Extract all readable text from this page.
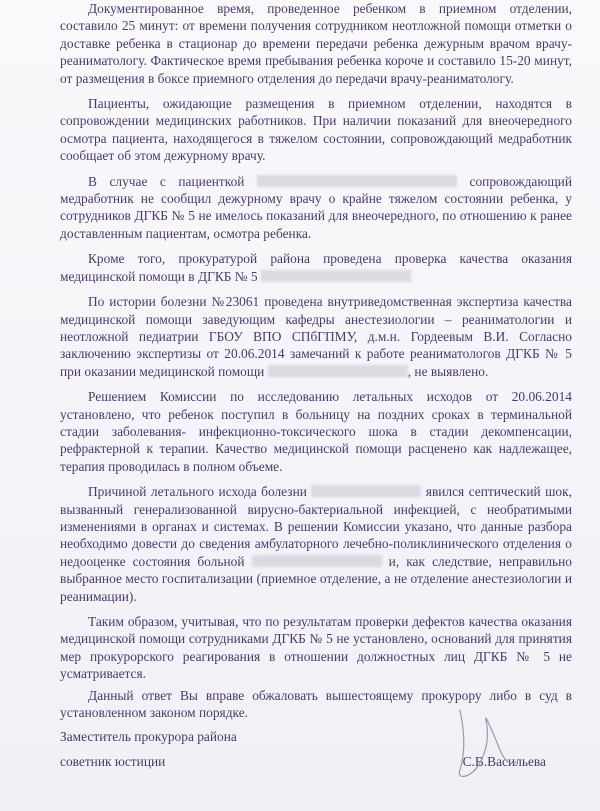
Документированное время, проведенное ребенком в приемном отделении, составило 25 минут: от времени получения сотрудником неотложной помощи отметки о доставке ребенка в стационар до времени передачи ребенка дежурным врачом врачу-реаниматологу. Фактическое время пребывания ребенка короче и составило 15-20 минут, от размещения в боксе приемного отделения до передачи врачу-реаниматологу.

Пациенты, ожидающие размещения в приемном отделении, находятся в сопровождении медицинских работников. При наличии показаний для внеочередного осмотра пациента, находящегося в тяжелом состоянии, сопровождающий медработник сообщает об этом дежурному врачу.

В случае с пациенткой	сопровождающий медработник не сообщил дежурному врачу о крайне тяжелом состоянии ребенка, у сотрудников ДГКБ № 5 не имелось показаний для внеочередного, по отношению к ранее доставленным пациентам, осмотра ребенка.

Кроме того, прокуратурой района проведена проверка качества оказания медицинской помощи в ДГКБ № 5

По истории болезни №23061 проведена внутриведомственная экспертиза качества медицинской помощи заведующим кафедры анестезиологии – реаниматологии и неотложной педиатрии ГБОУ ВПО СПбГПМУ, д.м.н. Гордеевым В.И. Согласно заключению экспертизы от 20.06.2014 замечаний к работе реаниматологов ДГКБ № 5 при оказании медицинской помощи	, не выявлено.

Решением Комиссии по исследованию летальных исходов от 20.06.2014 установлено, что ребенок поступил в больницу на поздних сроках в терминальной стадии заболевания- инфекционно-токсического шока в стадии декомпенсации, рефрактерной к терапии. Качество медицинской помощи расценено как надлежащее, терапия проводилась в полном объеме.

Причиной летального исхода болезни	явился септический шок, вызванный генерализованной вирусно-бактериальной инфекцией, с необратимыми изменениями в органах и системах. В решении Комиссии указано, что данные разбора необходимо довести до сведения амбулаторного лечебно-поликлинического отделения о недооценке состояния больной	и, как следствие, неправильно выбранное место госпитализации (приемное отделение, а не отделение анестезиологии и реанимации).

Таким образом, учитывая, что по результатам проверки дефектов качества оказания медицинской помощи сотрудниками ДГКБ № 5 не установлено, оснований для принятия мер прокурорского реагирования в отношении должностных лиц ДГКБ № 5 не усматривается.

Данный ответ Вы вправе обжаловать вышестоящему прокурору либо в суд в установленном законом порядке.

Заместитель прокурора района
советник юстиции	С.В.Васильева
